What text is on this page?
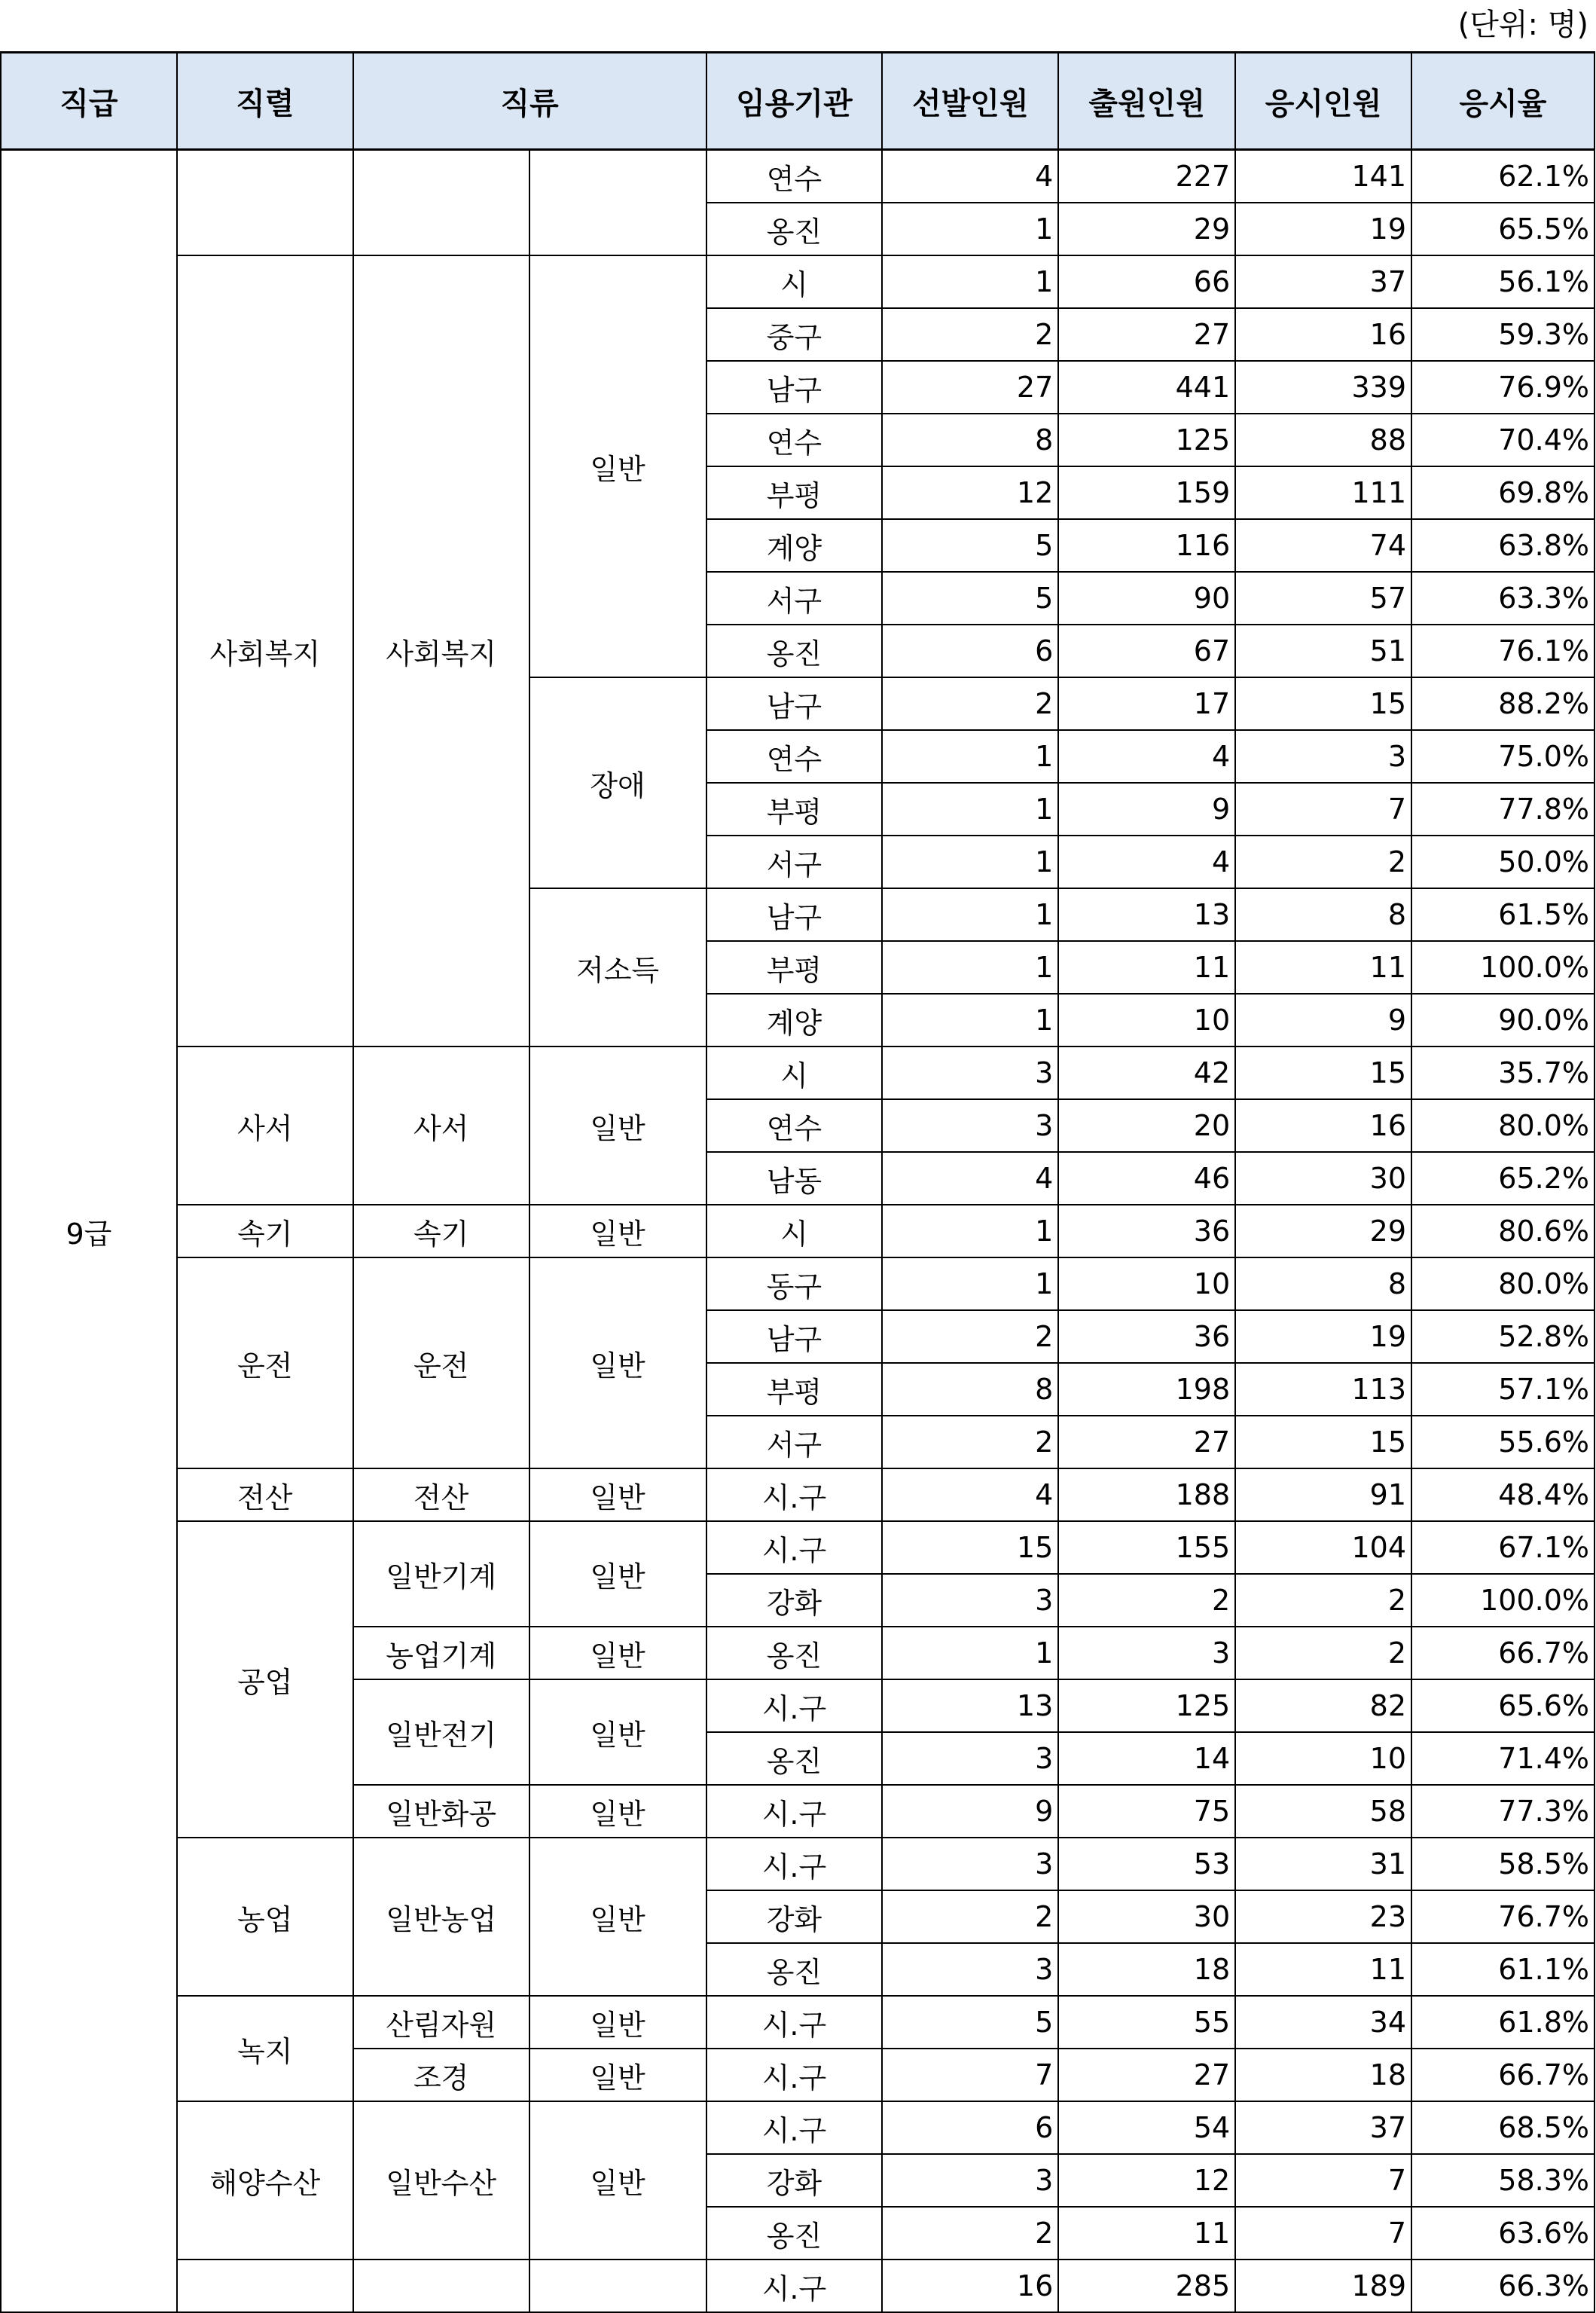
(단위: 명)
직급	직렬	직류		임용기관	선발인원	출원인원	응시인원	응시율
9급				연수	4	227	141	62.1%
				옹진	1	29	19	65.5%
	사회복지	사회복지	일반	시	1	66	37	56.1%
				중구	2	27	16	59.3%
				남구	27	441	339	76.9%
				연수	8	125	88	70.4%
				부평	12	159	111	69.8%
				계양	5	116	74	63.8%
				서구	5	90	57	63.3%
				옹진	6	67	51	76.1%
			장애	남구	2	17	15	88.2%
				연수	1	4	3	75.0%
				부평	1	9	7	77.8%
				서구	1	4	2	50.0%
			저소득	남구	1	13	8	61.5%
				부평	1	11	11	100.0%
				계양	1	10	9	90.0%
	사서	사서	일반	시	3	42	15	35.7%
				연수	3	20	16	80.0%
				남동	4	46	30	65.2%
	속기	속기	일반	시	1	36	29	80.6%
	운전	운전	일반	동구	1	10	8	80.0%
				남구	2	36	19	52.8%
				부평	8	198	113	57.1%
				서구	2	27	15	55.6%
	전산	전산	일반	시.구	4	188	91	48.4%
	공업	일반기계	일반	시.구	15	155	104	67.1%
				강화	3	2	2	100.0%
		농업기계	일반	옹진	1	3	2	66.7%
		일반전기	일반	시.구	13	125	82	65.6%
				옹진	3	14	10	71.4%
		일반화공	일반	시.구	9	75	58	77.3%
	농업	일반농업	일반	시.구	3	53	31	58.5%
				강화	2	30	23	76.7%
				옹진	3	18	11	61.1%
	녹지	산림자원	일반	시.구	5	55	34	61.8%
		조경	일반	시.구	7	27	18	66.7%
	해양수산	일반수산	일반	시.구	6	54	37	68.5%
				강화	3	12	7	58.3%
				옹진	2	11	7	63.6%
				시.구	16	285	189	66.3%
